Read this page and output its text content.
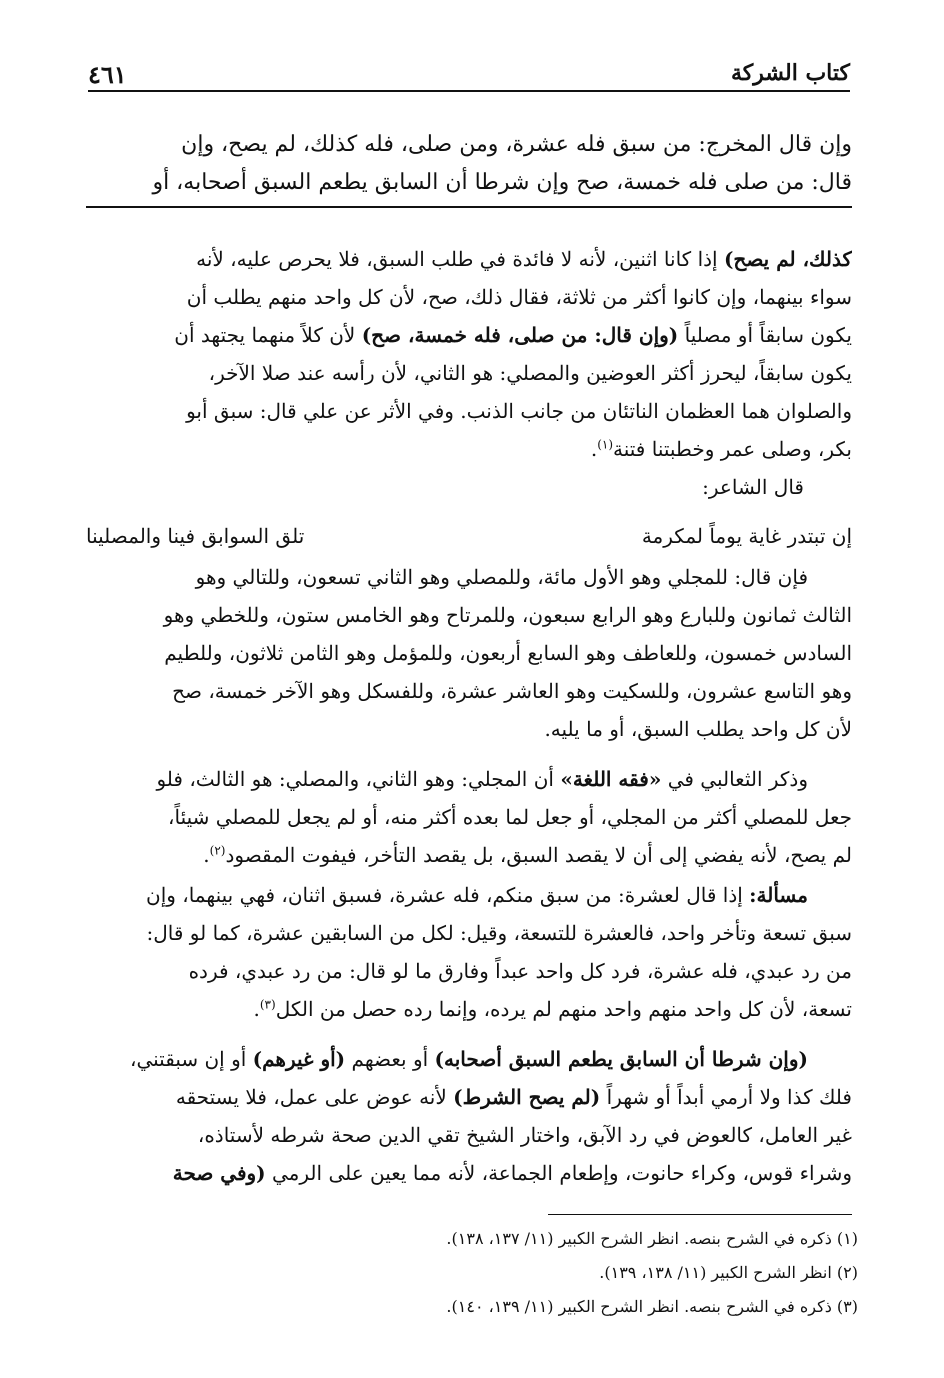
كتاب الشركة
٤٦١
وإن قال المخرج: من سبق فله عشرة، ومن صلى، فله كذلك، لم يصح، وإن
قال: من صلى فله خمسة، صح وإن شرطا أن السابق يطعم السبق أصحابه، أو
كذلك، لم يصح) إذا كانا اثنين، لأنه لا فائدة في طلب السبق، فلا يحرص عليه، لأنه
سواء بينهما، وإن كانوا أكثر من ثلاثة، فقال ذلك، صح، لأن كل واحد منهم يطلب أن
يكون سابقاً أو مصلياً (وإن قال: من صلى، فله خمسة، صح) لأن كلاً منهما يجتهد أن
يكون سابقاً، ليحرز أكثر العوضين والمصلي: هو الثاني، لأن رأسه عند صلا الآخر،
والصلوان هما العظمان الناتئان من جانب الذنب. وفي الأثر عن علي قال: سبق أبو
بكر، وصلى عمر وخطبتنا فتنة$^{(١)}$.
قال الشاعر:
إن تبتدر غاية يوماً لمكرمة
تلق السوابق فينا والمصلينا
فإن قال: للمجلي وهو الأول مائة، وللمصلي وهو الثاني تسعون، وللتالي وهو
الثالث ثمانون وللبارع وهو الرابع سبعون، وللمرتاح وهو الخامس ستون، وللخطي وهو
السادس خمسون، وللعاطف وهو السابع أربعون، وللمؤمل وهو الثامن ثلاثون، وللطيم
وهو التاسع عشرون، وللسكيت وهو العاشر عشرة، وللفسكل وهو الآخر خمسة، صح
لأن كل واحد يطلب السبق، أو ما يليه.
وذكر الثعالبي في «فقه اللغة» أن المجلي: وهو الثاني، والمصلي: هو الثالث، فلو
جعل للمصلي أكثر من المجلي، أو جعل لما بعده أكثر منه، أو لم يجعل للمصلي شيئاً،
لم يصح، لأنه يفضي إلى أن لا يقصد السبق، بل يقصد التأخر، فيفوت المقصود$^{(٢)}$.
مسألة: إذا قال لعشرة: من سبق منكم، فله عشرة، فسبق اثنان، فهي بينهما، وإن
سبق تسعة وتأخر واحد، فالعشرة للتسعة، وقيل: لكل من السابقين عشرة، كما لو قال:
من رد عبدي، فله عشرة، فرد كل واحد عبداً وفارق ما لو قال: من رد عبدي، فرده
تسعة، لأن كل واحد منهم واحد منهم لم يرده، وإنما رده حصل من الكل$^{(٣)}$.
(وإن شرطا أن السابق يطعم السبق أصحابه) أو بعضهم (أو غيرهم) أو إن سبقتني،
فلك كذا ولا أرمي أبداً أو شهراً (لم يصح الشرط) لأنه عوض على عمل، فلا يستحقه
غير العامل، كالعوض في رد الآبق، واختار الشيخ تقي الدين صحة شرطه لأستاذه،
وشراء قوس، وكراء حانوت، وإطعام الجماعة، لأنه مما يعين على الرمي (وفي صحة
(١) ذكره في الشرح بنصه. انظر الشرح الكبير (١١/ ١٣٧، ١٣٨).
(٢) انظر الشرح الكبير (١١/ ١٣٨، ١٣٩).
(٣) ذكره في الشرح بنصه. انظر الشرح الكبير (١١/ ١٣٩، ١٤٠).
